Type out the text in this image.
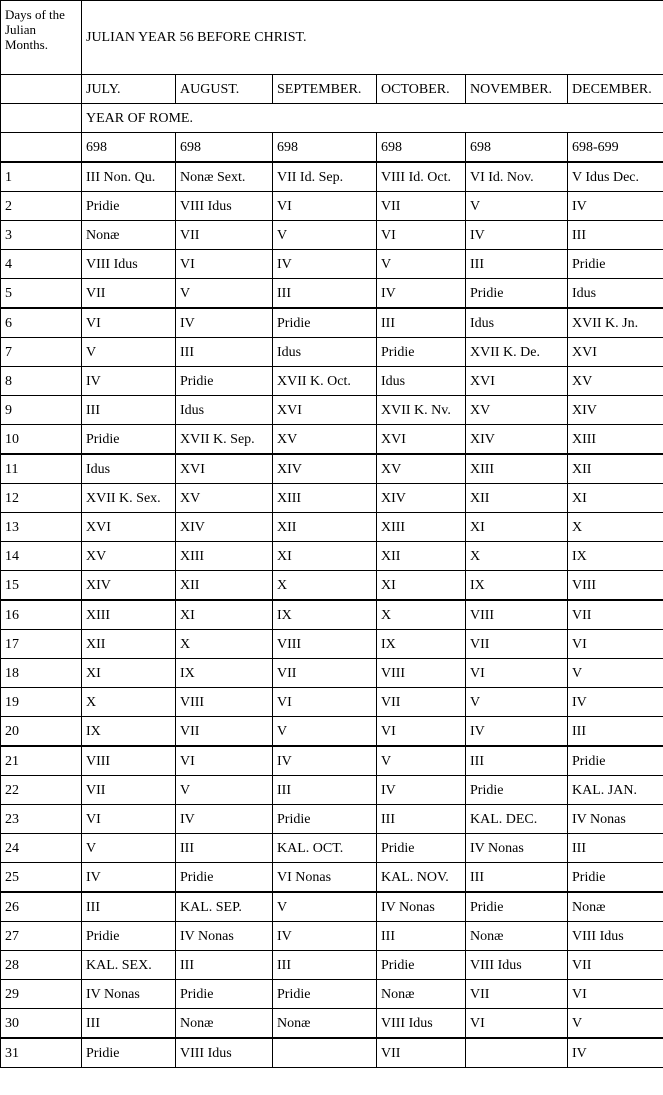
Days of the Julian Months.	JULIAN YEAR 56 BEFORE CHRIST.					
	JULY.	AUGUST.	SEPTEMBER.	OCTOBER.	NOVEMBER.	DECEMBER.
	YEAR OF ROME.					
	698	698	698	698	698	698-699
1	III Non. Qu.	Nonæ Sext.	VII Id. Sep.	VIII Id. Oct.	VI Id. Nov.	V Idus Dec.
2	Pridie	VIII Idus	VI	VII	V	IV
3	Nonæ	VII	V	VI	IV	III
4	VIII Idus	VI	IV	V	III	Pridie
5	VII	V	III	IV	Pridie	Idus
6	VI	IV	Pridie	III	Idus	XVII K. Jn.
7	V	III	Idus	Pridie	XVII K. De.	XVI
8	IV	Pridie	XVII K. Oct.	Idus	XVI	XV
9	III	Idus	XVI	XVII K. Nv.	XV	XIV
10	Pridie	XVII K. Sep.	XV	XVI	XIV	XIII
11	Idus	XVI	XIV	XV	XIII	XII
12	XVII K. Sex.	XV	XIII	XIV	XII	XI
13	XVI	XIV	XII	XIII	XI	X
14	XV	XIII	XI	XII	X	IX
15	XIV	XII	X	XI	IX	VIII
16	XIII	XI	IX	X	VIII	VII
17	XII	X	VIII	IX	VII	VI
18	XI	IX	VII	VIII	VI	V
19	X	VIII	VI	VII	V	IV
20	IX	VII	V	VI	IV	III
21	VIII	VI	IV	V	III	Pridie
22	VII	V	III	IV	Pridie	KAL. JAN.
23	VI	IV	Pridie	III	KAL. DEC.	IV Nonas
24	V	III	KAL. OCT.	Pridie	IV Nonas	III
25	IV	Pridie	VI Nonas	KAL. NOV.	III	Pridie
26	III	KAL. SEP.	V	IV Nonas	Pridie	Nonæ
27	Pridie	IV Nonas	IV	III	Nonæ	VIII Idus
28	KAL. SEX.	III	III	Pridie	VIII Idus	VII
29	IV Nonas	Pridie	Pridie	Nonæ	VII	VI
30	III	Nonæ	Nonæ	VIII Idus	VI	V
31	Pridie	VIII Idus		VII		IV
